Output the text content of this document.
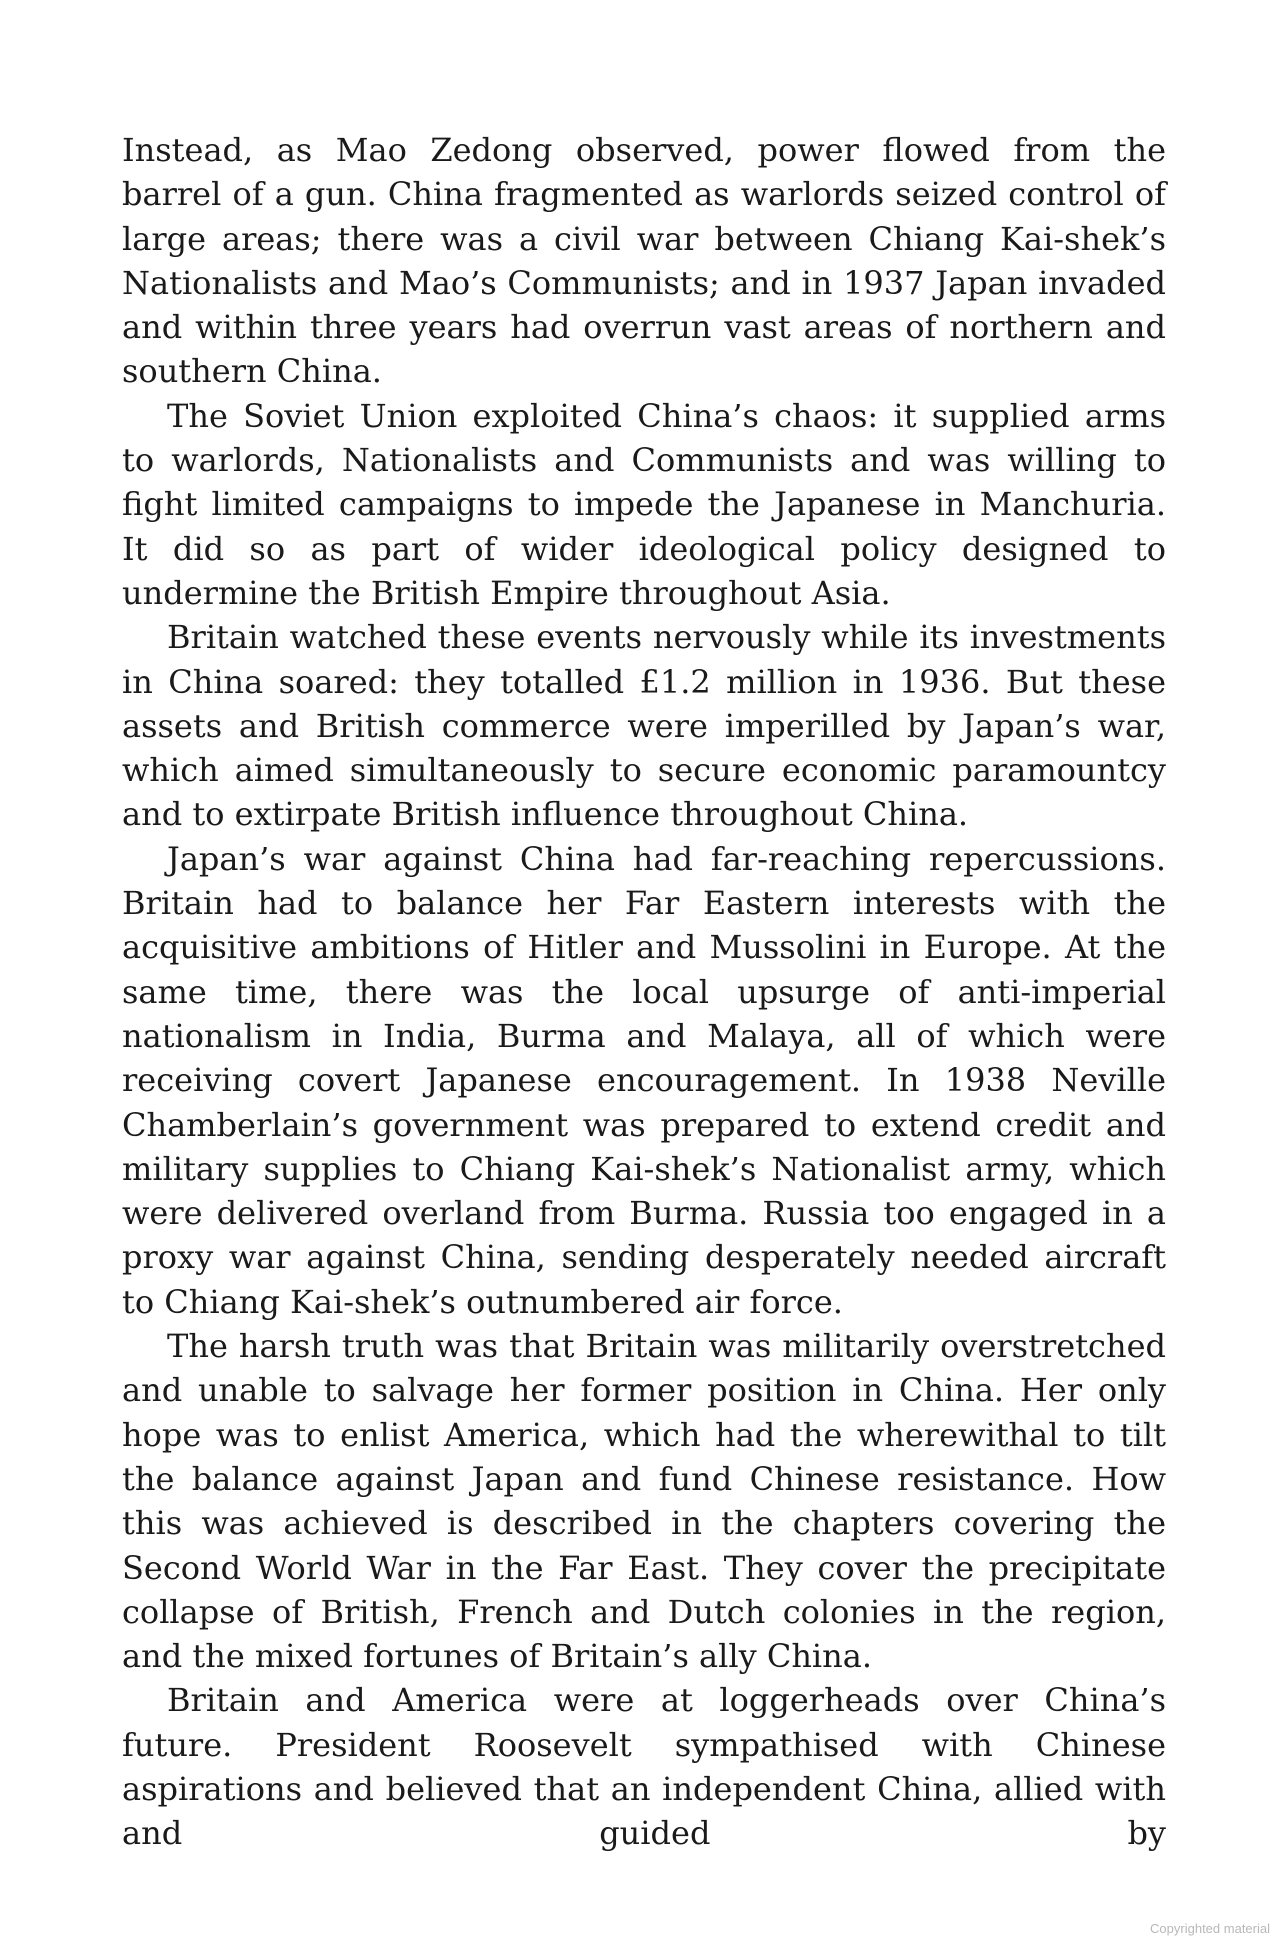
Instead, as Mao Zedong observed, power flowed from the barrel of a gun. China fragmented as warlords seized control of large areas; there was a civil war between Chiang Kai-shek’s Nationalists and Mao’s Communists; and in 1937 Japan invaded and within three years had overrun vast areas of northern and southern China.

The Soviet Union exploited China’s chaos: it supplied arms to warlords, Nationalists and Communists and was willing to fight limited campaigns to impede the Japanese in Manchuria. It did so as part of wider ideological policy designed to undermine the British Empire throughout Asia.

Britain watched these events nervously while its investments in China soared: they totalled £1.2 million in 1936. But these assets and British commerce were imperilled by Japan’s war, which aimed simultaneously to secure economic paramountcy and to extirpate British influence throughout China.

Japan’s war against China had far-reaching repercussions. Britain had to balance her Far Eastern interests with the acquisitive ambitions of Hitler and Mussolini in Europe. At the same time, there was the local upsurge of anti-imperial nationalism in India, Burma and Malaya, all of which were receiving covert Japanese encouragement. In 1938 Neville Chamberlain’s government was prepared to extend credit and military supplies to Chiang Kai-shek’s Nationalist army, which were delivered overland from Burma. Russia too engaged in a proxy war against China, sending desperately needed aircraft to Chiang Kai-shek’s outnumbered air force.

The harsh truth was that Britain was militarily overstretched and unable to salvage her former position in China. Her only hope was to enlist America, which had the wherewithal to tilt the balance against Japan and fund Chinese resistance. How this was achieved is described in the chapters covering the Second World War in the Far East. They cover the precipitate collapse of British, French and Dutch colonies in the region, and the mixed fortunes of Britain’s ally China.

Britain and America were at loggerheads over China’s future. President Roosevelt sympathised with Chinese aspirations and believed that an independent China, allied with and guided by

Copyrighted material
